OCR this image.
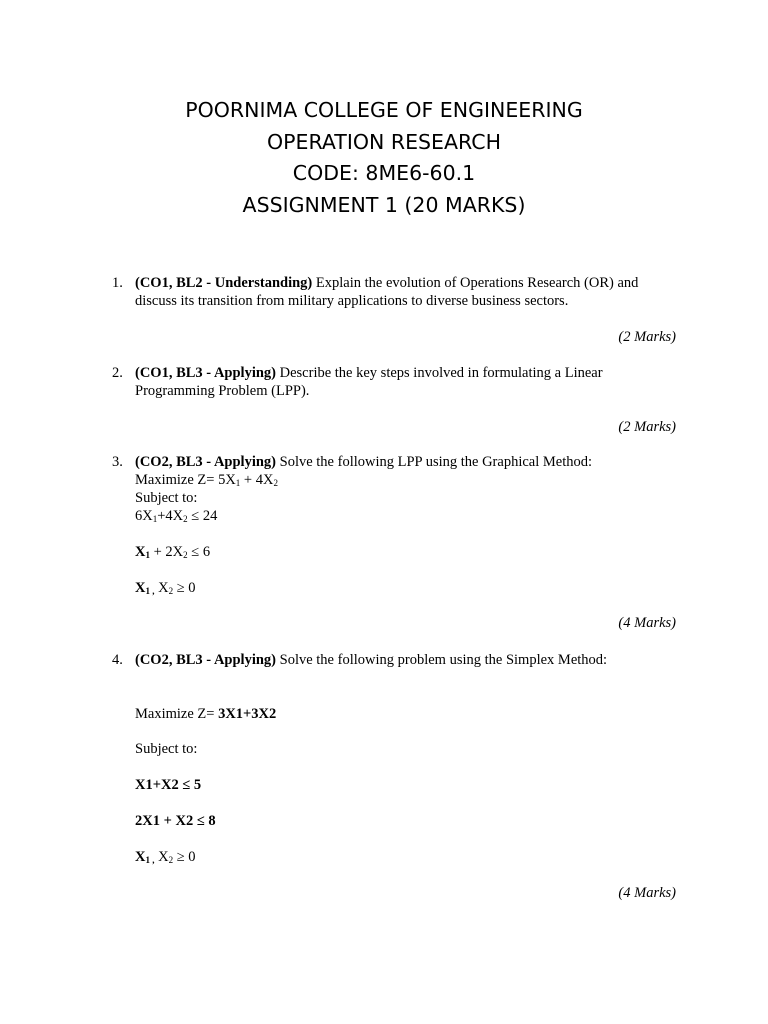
POORNIMA COLLEGE OF ENGINEERING
OPERATION RESEARCH
CODE: 8ME6-60.1
ASSIGNMENT 1 (20 MARKS)
1. (CO1, BL2 - Understanding) Explain the evolution of Operations Research (OR) and
discuss its transition from military applications to diverse business sectors.
(2 Marks)
2. (CO1, BL3 - Applying) Describe the key steps involved in formulating a Linear
Programming Problem (LPP).
(2 Marks)
3. (CO2, BL3 - Applying) Solve the following LPP using the Graphical Method:
Maximize $Z= 5X_1 + 4X_2$
Subject to:
$6X_1+4X_2 \le 24$
$X_1 + 2X_2 \le 6$
$X_{1 ,}$ $X_2 \ge 0$
(4 Marks)
4. (CO2, BL3 - Applying) Solve the following problem using the Simplex Method:
Maximize Z= 3X1+3X2
Subject to:
X1+X2 ≤ 5
2X1 + X2 ≤ 8
$X_{1 ,}$ $X_2 \ge 0$
(4 Marks)
